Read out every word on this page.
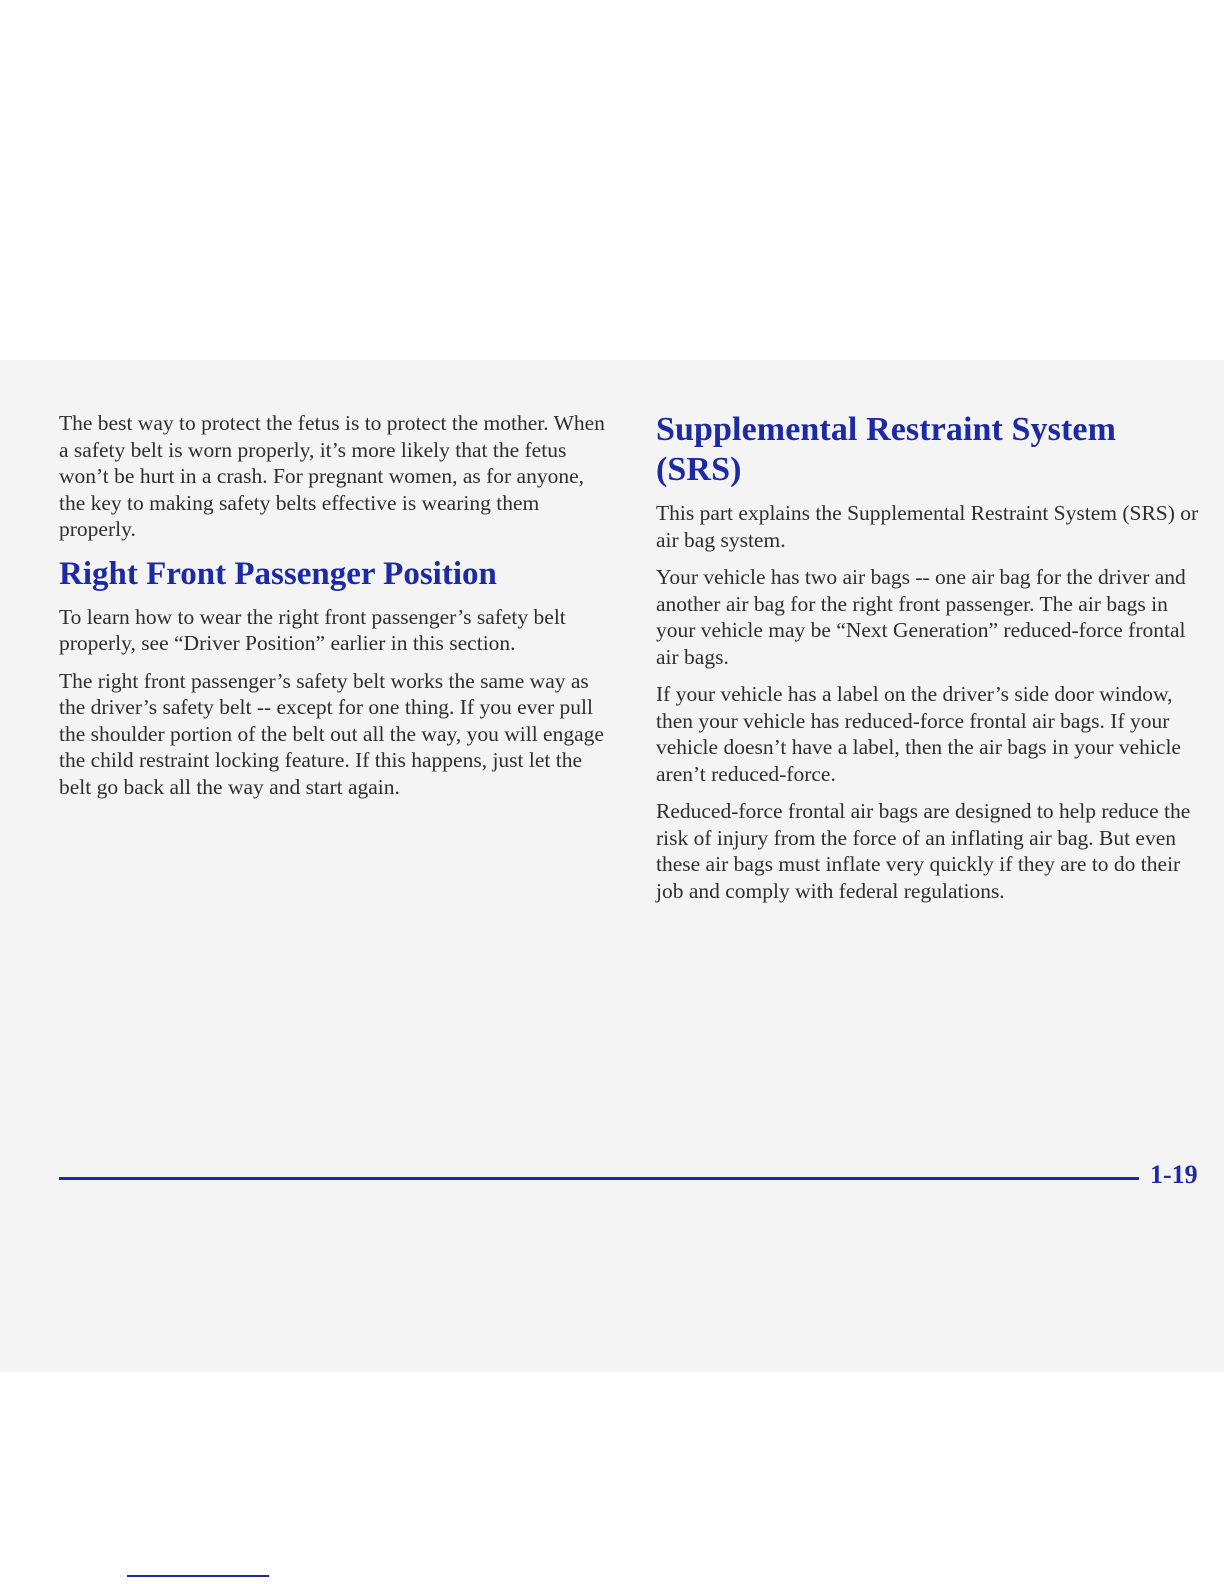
The best way to protect the fetus is to protect the mother. When a safety belt is worn properly, it’s more likely that the fetus won’t be hurt in a crash. For pregnant women, as for anyone, the key to making safety belts effective is wearing them properly.

Right Front Passenger Position

To learn how to wear the right front passenger’s safety belt properly, see “Driver Position” earlier in this section.

The right front passenger’s safety belt works the same way as the driver’s safety belt -- except for one thing. If you ever pull the shoulder portion of the belt out all the way, you will engage the child restraint locking feature. If this happens, just let the belt go back all the way and start again.

Supplemental Restraint System (SRS)

This part explains the Supplemental Restraint System (SRS) or air bag system.

Your vehicle has two air bags -- one air bag for the driver and another air bag for the right front passenger. The air bags in your vehicle may be “Next Generation” reduced-force frontal air bags.

If your vehicle has a label on the driver’s side door window, then your vehicle has reduced-force frontal air bags. If your vehicle doesn’t have a label, then the air bags in your vehicle aren’t reduced-force.

Reduced-force frontal air bags are designed to help reduce the risk of injury from the force of an inflating air bag. But even these air bags must inflate very quickly if they are to do their job and comply with federal regulations.

1-19
